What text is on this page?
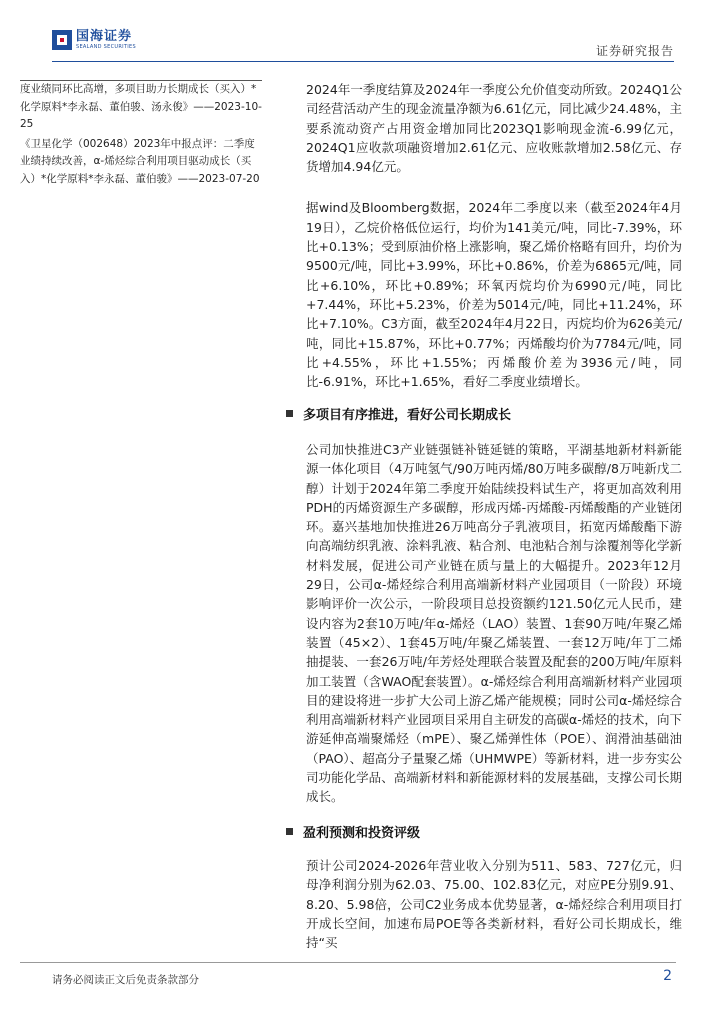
国海证券
SEALAND SECURITIES	证券研究报告

度业绩同环比高增，多项目助力长期成长（买入）*化学原料*李永磊、董伯骏、汤永俊》——2023-10-25

《卫星化学（002648）2023年中报点评：二季度业绩持续改善，α-烯烃综合利用项目驱动成长（买入）*化学原料*李永磊、董伯骏》——2023-07-20

2024年一季度结算及2024年一季度公允价值变动所致。2024Q1公司经营活动产生的现金流量净额为6.61亿元，同比减少24.48%，主要系流动资产占用资金增加同比2023Q1影响现金流-6.99亿元，2024Q1应收款项融资增加2.61亿元、应收账款增加2.58亿元、存货增加4.94亿元。

据wind及Bloomberg数据，2024年二季度以来（截至2024年4月19日），乙烷价格低位运行，均价为141美元/吨，同比-7.39%，环比+0.13%；受到原油价格上涨影响，聚乙烯价格略有回升，均价为9500元/吨，同比+3.99%，环比+0.86%，价差为6865元/吨，同比+6.10%，环比+0.89%；环氧丙烷均价为6990元/吨，同比+7.44%，环比+5.23%，价差为5014元/吨，同比+11.24%，环比+7.10%。C3方面，截至2024年4月22日，丙烷均价为626美元/吨，同比+15.87%，环比+0.77%；丙烯酸均价为7784元/吨，同比+4.55%，环比+1.55%；丙烯酸价差为3936元/吨，同比-6.91%，环比+1.65%，看好二季度业绩增长。

多项目有序推进，看好公司长期成长

公司加快推进C3产业链强链补链延链的策略，平湖基地新材料新能源一体化项目（4万吨氢气/90万吨丙烯/80万吨多碳醇/8万吨新戊二醇）计划于2024年第二季度开始陆续投料试生产，将更加高效利用PDH的丙烯资源生产多碳醇，形成丙烯-丙烯酸-丙烯酸酯的产业链闭环。嘉兴基地加快推进26万吨高分子乳液项目，拓宽丙烯酸酯下游向高端纺织乳液、涂料乳液、粘合剂、电池粘合剂与涂覆剂等化学新材料发展，促进公司产业链在质与量上的大幅提升。2023年12月29日，公司α-烯烃综合利用高端新材料产业园项目（一阶段）环境影响评价一次公示，一阶段项目总投资额约121.50亿元人民币，建设内容为2套10万吨/年α-烯烃（LAO）装置、1套90万吨/年聚乙烯装置（45×2）、1套45万吨/年聚乙烯装置、一套12万吨/年丁二烯抽提装、一套26万吨/年芳烃处理联合装置及配套的200万吨/年原料加工装置（含WAO配套装置）。α-烯烃综合利用高端新材料产业园项目的建设将进一步扩大公司上游乙烯产能规模；同时公司α-烯烃综合利用高端新材料产业园项目采用自主研发的高碳α-烯烃的技术，向下游延伸高端聚烯烃（mPE）、聚乙烯弹性体（POE）、润滑油基础油（PAO）、超高分子量聚乙烯（UHMWPE）等新材料，进一步夯实公司功能化学品、高端新材料和新能源材料的发展基础，支撑公司长期成长。

盈利预测和投资评级

预计公司2024-2026年营业收入分别为511、583、727亿元，归母净利润分别为62.03、75.00、102.83亿元，对应PE分别9.91、8.20、5.98倍，公司C2业务成本优势显著，α-烯烃综合利用项目打开成长空间，加速布局POE等各类新材料，看好公司长期成长，维持“买

请务必阅读正文后免责条款部分	2
